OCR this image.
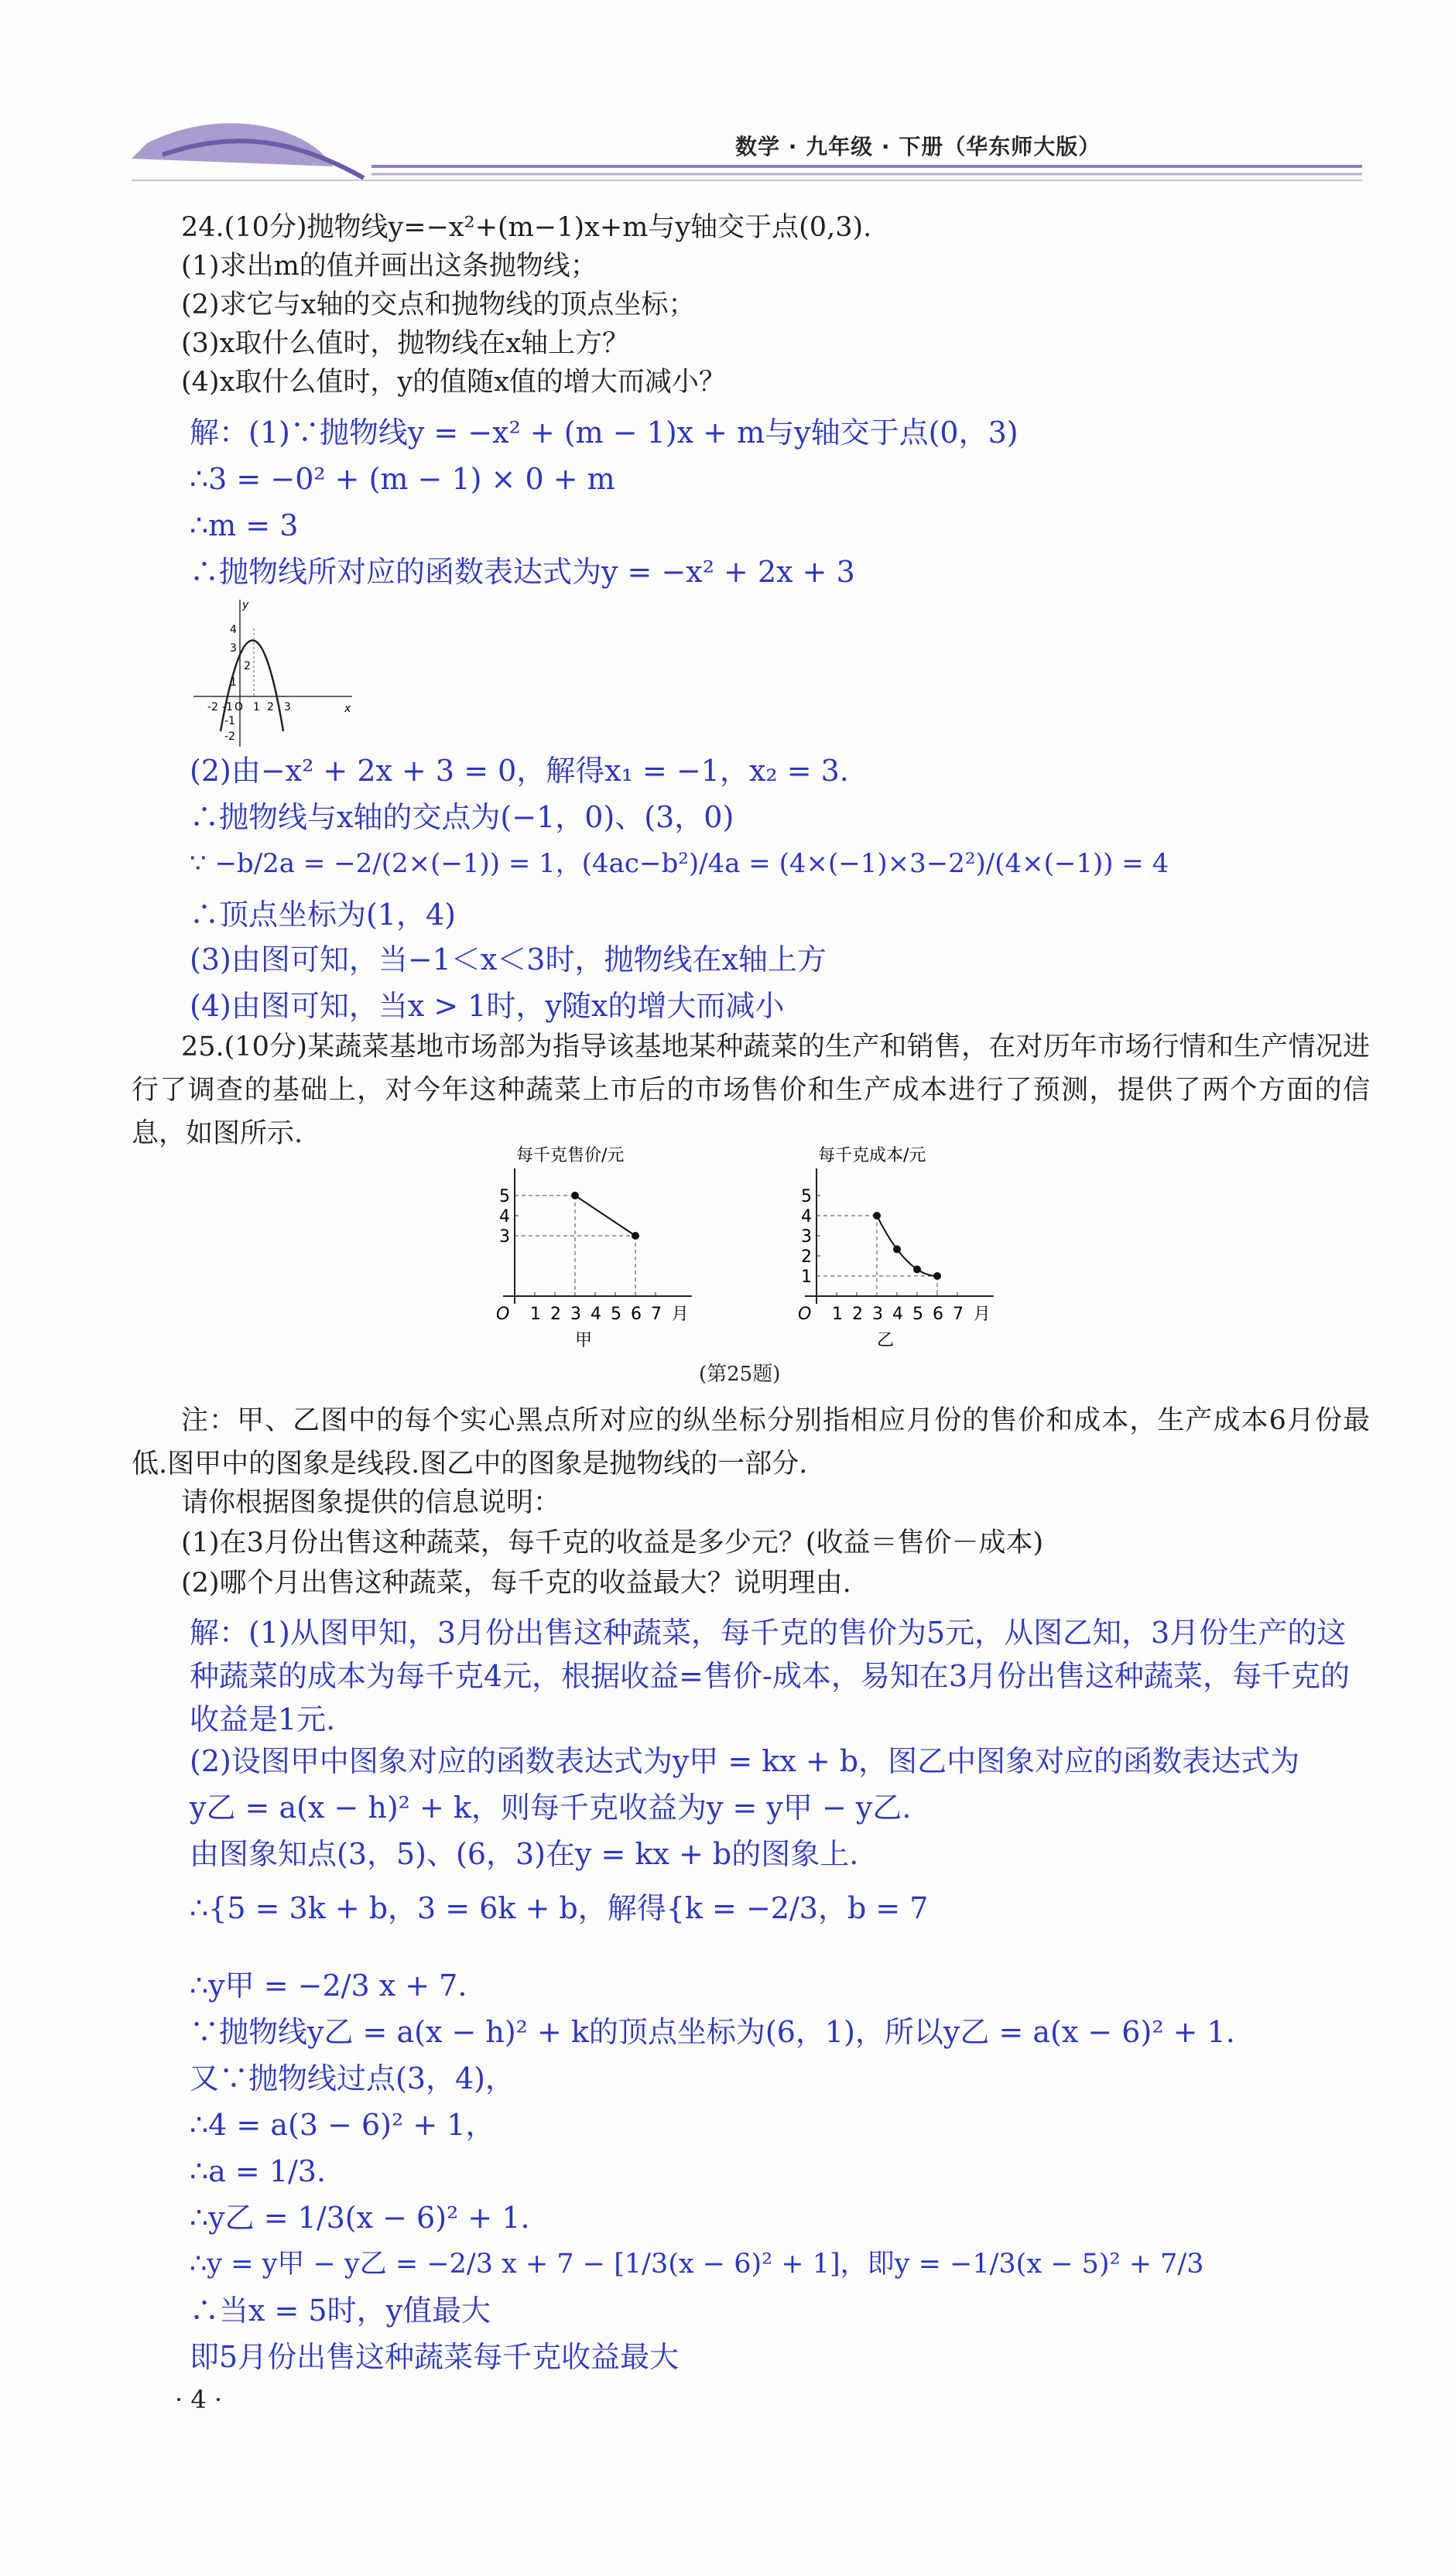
数学 · 九年级 · 下册（华东师大版）
24.(10分)抛物线y=−x²+(m−1)x+m与y轴交于点(0,3).
(1)求出m的值并画出这条抛物线；
(2)求它与x轴的交点和抛物线的顶点坐标；
(3)x取什么值时，抛物线在x轴上方？
(4)x取什么值时，y的值随x值的增大而减小？
解：(1)∵抛物线y = −x² + (m − 1)x + m与y轴交于点(0，3)
∴3 = −0² + (m − 1) × 0 + m
∴m = 3
∴抛物线所对应的函数表达式为y = −x² + 2x + 3
-2 -1 O 1 2 3	x
y
4
3
2
1
-1
-2
(2)由−x² + 2x + 3 = 0，解得x₁ = −1，x₂ = 3.
∴抛物线与x轴的交点为(−1，0)、(3，0)
∵ −b/2a = −2/(2×(−1)) = 1，(4ac−b²)/4a = (4×(−1)×3−2²)/(4×(−1)) = 4
∴顶点坐标为(1，4)
(3)由图可知，当−1＜x＜3时，抛物线在x轴上方
(4)由图可知，当x > 1时，y随x的增大而减小
25.(10分)某蔬菜基地市场部为指导该基地某种蔬菜的生产和销售，在对历年市场行情和生产情况进行了调查的基础上，对今年这种蔬菜上市后的市场售价和生产成本进行了预测，提供了两个方面的信息，如图所示.
每千克售价/元
月
O 1 2 3 4 5 6 7
3
4
5
甲
每千克成本/元
月
O 1 2 3 4 5 6 7
1
2
3
4
5
乙
(第25题)
注：甲、乙图中的每个实心黑点所对应的纵坐标分别指相应月份的售价和成本，生产成本6月份最低.图甲中的图象是线段.图乙中的图象是抛物线的一部分.
请你根据图象提供的信息说明：
(1)在3月份出售这种蔬菜，每千克的收益是多少元？(收益＝售价－成本)
(2)哪个月出售这种蔬菜，每千克的收益最大？说明理由.
解：(1)从图甲知，3月份出售这种蔬菜，每千克的售价为5元，从图乙知，3月份生产的这种蔬菜的成本为每千克4元，根据收益=售价-成本，易知在3月份出售这种蔬菜，每千克的收益是1元.
(2)设图甲中图象对应的函数表达式为y甲 = kx + b，图乙中图象对应的函数表达式为
y乙 = a(x − h)² + k，则每千克收益为y = y甲 − y乙.
由图象知点(3，5)、(6，3)在y = kx + b的图象上.
∴{5 = 3k + b，3 = 6k + b，解得{k = −2/3，b = 7
∴y甲 = −2/3 x + 7.
∵抛物线y乙 = a(x − h)² + k的顶点坐标为(6，1)，所以y乙 = a(x − 6)² + 1.
又∵抛物线过点(3，4)，
∴4 = a(3 − 6)² + 1，
∴a = 1/3.
∴y乙 = 1/3(x − 6)² + 1.
∴y = y甲 − y乙 = −2/3 x + 7 − [1/3(x − 6)² + 1]，即y = −1/3(x − 5)² + 7/3
∴当x = 5时，y值最大
即5月份出售这种蔬菜每千克收益最大
· 4 ·
